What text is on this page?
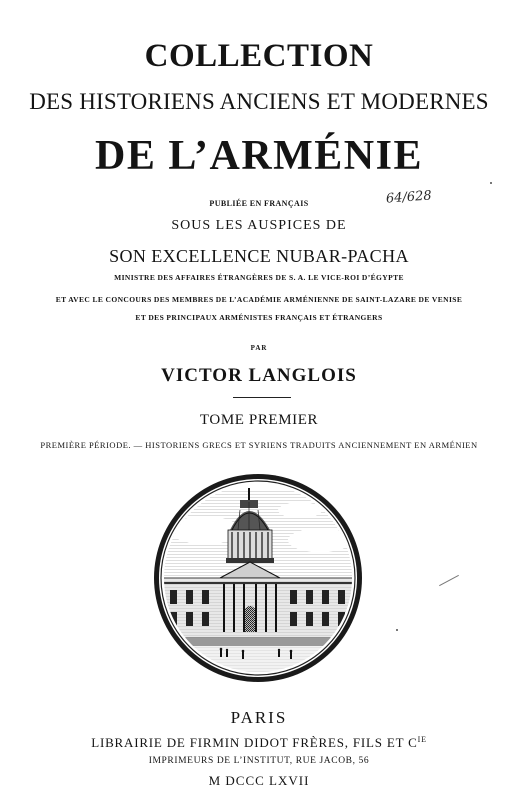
COLLECTION
DES HISTORIENS ANCIENS ET MODERNES
DE L’ARMÉNIE
64/628
PUBLIÉE EN FRANÇAIS
SOUS LES AUSPICES DE
SON EXCELLENCE NUBAR-PACHA
MINISTRE DES AFFAIRES ÉTRANGÈRES DE S. A. LE VICE-ROI D’ÉGYPTE
ET AVEC LE CONCOURS DES MEMBRES DE L’ACADÉMIE ARMÉNIENNE DE SAINT-LAZARE DE VENISE
ET DES PRINCIPAUX ARMÉNISTES FRANÇAIS ET ÉTRANGERS
PAR
VICTOR LANGLOIS
TOME PREMIER
PREMIÈRE PÉRIODE. — HISTORIENS GRECS ET SYRIENS TRADUITS ANCIENNEMENT EN ARMÉNIEN
PARIS
LIBRAIRIE DE FIRMIN DIDOT FRÈRES, FILS ET $C^{IE}$
IMPRIMEURS DE L’INSTITUT, RUE JACOB, 56
M DCCC LXVII
